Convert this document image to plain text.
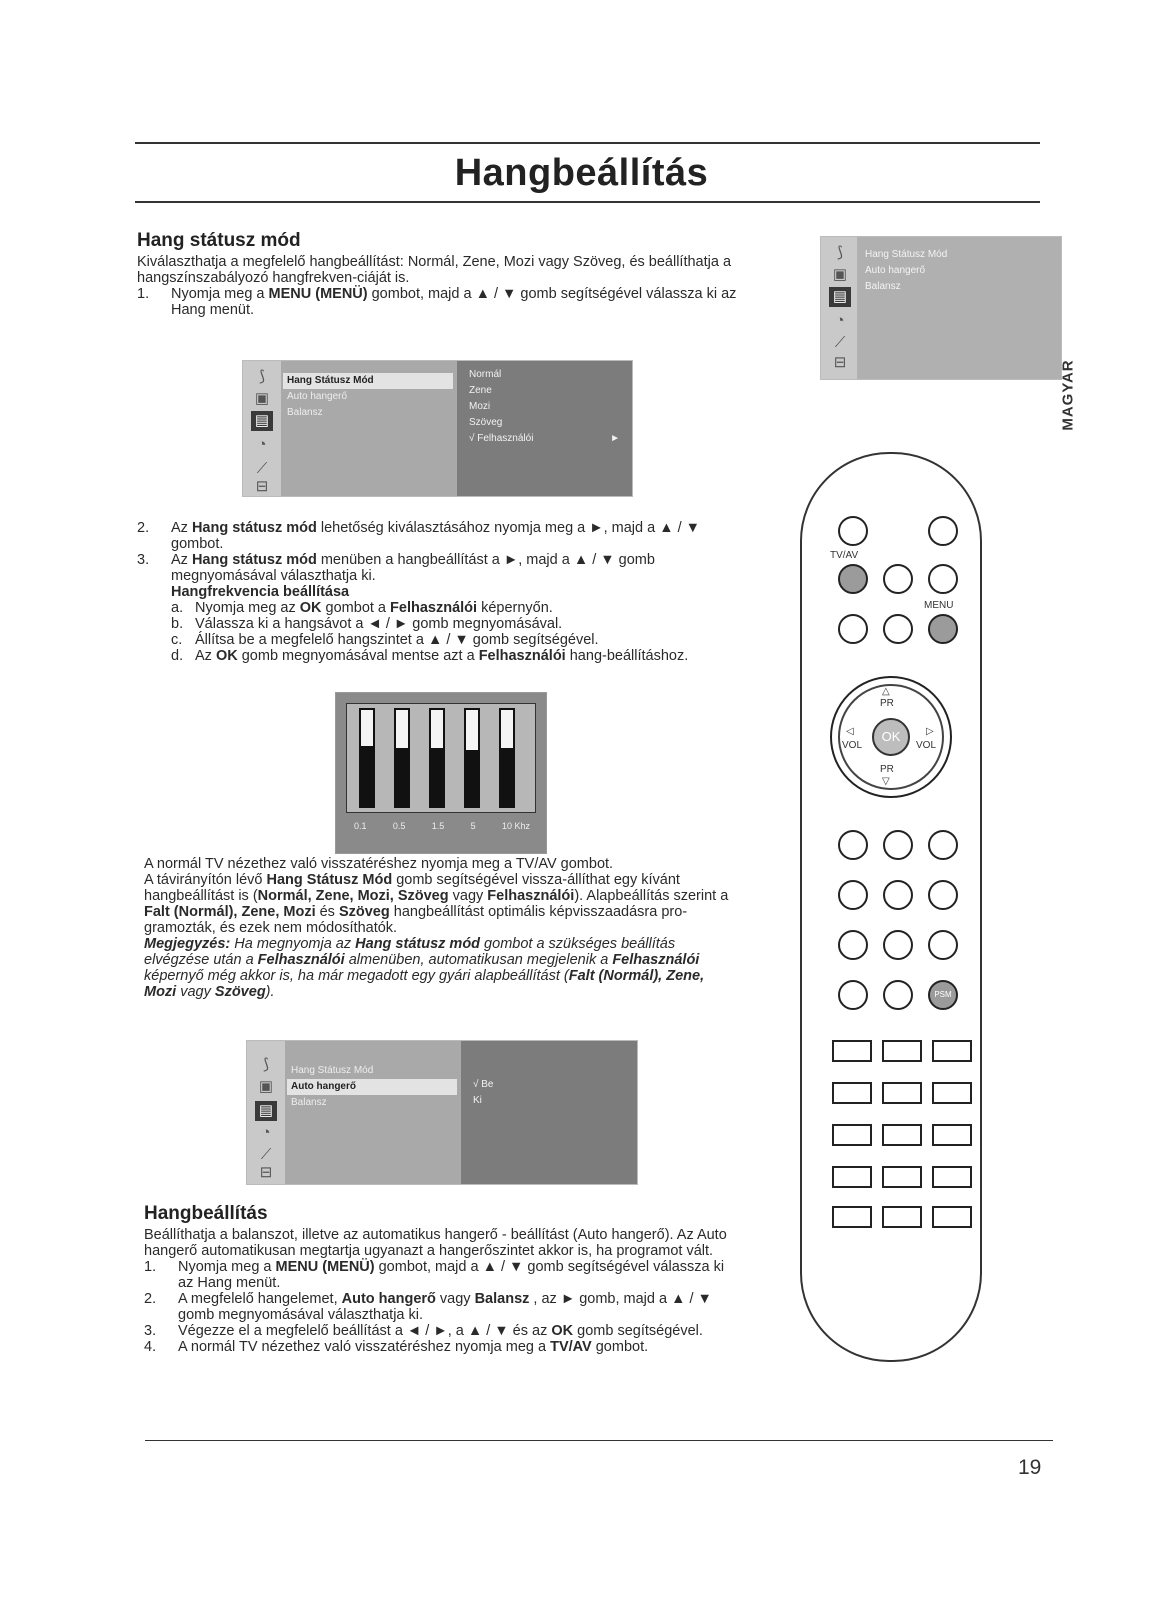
Hangbeállítás

Hang státusz mód

Kiválaszthatja a megfelelő hangbeállítást: Normál, Zene, Mozi vagy Szöveg, és beállíthatja a hangszínszabályozó hangfrekven-ciáját is.

1.	Nyomja meg a MENU (MENÜ) gombot, majd a ▲ / ▼ gomb segítségével válassza ki az Hang menüt.
⟆
▣
▤
◔
⟋
⊟
Hang Státusz Mód
Auto hangerő
Balansz
Normál
Zene
Mozi
Szöveg
√ Felhasználói	►
2.	Az Hang státusz mód lehetőség kiválasztásához nyomja meg a ►, majd a ▲ / ▼ gombot.
3.	Az Hang státusz mód menüben a hangbeállítást a ►, majd a ▲ / ▼ gomb megnyomásával választhatja ki.
Hangfrekvencia beállítása
a. Nyomja meg az OK gombot a Felhasználói képernyőn.
b. Válassza ki a hangsávot a ◄ / ► gomb megnyomásával.
c. Állítsa be a megfelelő hangszintet a ▲ / ▼ gomb segítségével.
d. Az OK gomb megnyomásával mentse azt a Felhasználói hang-beállításhoz.
0.1	0.5	1.5	5	10 Khz

A normál TV nézethez való visszatéréshez nyomja meg a TV/AV gombot.

A távirányítón lévő Hang Státusz Mód gomb segítségével vissza-állíthat egy kívánt hangbeállítást is (Normál, Zene, Mozi, Szöveg vagy Felhasználói). Alapbeállítás szerint a Falt (Normál), Zene, Mozi és Szöveg hangbeállítást optimális képvisszaadásra pro-gramozták, és ezek nem módosíthatók.

Megjegyzés: Ha megnyomja az Hang státusz mód gombot a szükséges beállítás elvégzése után a Felhasználói almenüben, automatikusan megjelenik a Felhasználói képernyő még akkor is, ha már megadott egy gyári alapbeállítást (Falt (Normál), Zene, Mozi vagy Szöveg).

⟆
▣
▤
◔
⟋
⊟
Hang Státusz Mód
Auto hangerő
Balansz
√ Be
Ki

Hangbeállítás

Beállíthatja a balanszot, illetve az automatikus hangerő - beállítást (Auto hangerő). Az Auto hangerő automatikusan megtartja ugyanazt a hangerőszintet akkor is, ha programot vált.

1.	Nyomja meg a MENU (MENÜ) gombot, majd a ▲ / ▼ gomb segítségével válassza ki az Hang menüt.
2.	A megfelelő hangelemet, Auto hangerő vagy Balansz , az ► gomb, majd a ▲ / ▼ gomb megnyomásával választhatja ki.
3.	Végezze el a megfelelő beállítást a ◄ / ►, a ▲ / ▼ és az OK gomb segítségével.
4.	A normál TV nézethez való visszatéréshez nyomja meg a TV/AV gombot.
⟆
▣
▤
◔
⟋
⊟
Hang Státusz Mód
Auto hangerő
Balansz
MAGYAR
TV/AV
MENU
△
PR
◁
VOL
OK	▷
VOL
PR
▽
PSM
19
